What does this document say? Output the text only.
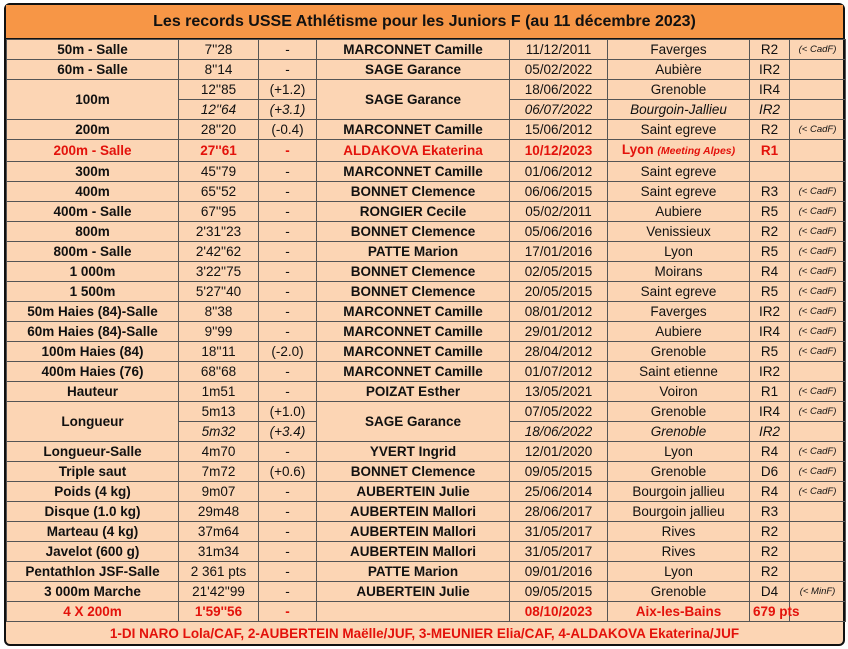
Les records USSE Athlétisme pour les Juniors F (au 11 décembre 2023)
50m - Salle	7''28	-	MARCONNET Camille	11/12/2011	Faverges	R2	(< CadF)
60m - Salle	8''14	-	SAGE Garance	05/02/2022	Aubière	IR2	
100m	12''85	(+1.2)	SAGE Garance	18/06/2022	Grenoble	IR4	
	12''64	(+3.1)		06/07/2022	Bourgoin-Jallieu	IR2	
200m	28''20	(-0.4)	MARCONNET Camille	15/06/2012	Saint egreve	R2	(< CadF)
200m - Salle	27''61	-	ALDAKOVA Ekaterina	10/12/2023	Lyon (Meeting Alpes)	R1	
300m	45''79	-	MARCONNET Camille	01/06/2012	Saint egreve		
400m	65''52	-	BONNET Clemence	06/06/2015	Saint egreve	R3	(< CadF)
400m - Salle	67''95	-	RONGIER Cecile	05/02/2011	Aubiere	R5	(< CadF)
800m	2'31''23	-	BONNET Clemence	05/06/2016	Venissieux	R2	(< CadF)
800m - Salle	2'42''62	-	PATTE Marion	17/01/2016	Lyon	R5	(< CadF)
1 000m	3'22''75	-	BONNET Clemence	02/05/2015	Moirans	R4	(< CadF)
1 500m	5'27''40	-	BONNET Clemence	20/05/2015	Saint egreve	R5	(< CadF)
50m Haies (84)-Salle	8''38	-	MARCONNET Camille	08/01/2012	Faverges	IR2	(< CadF)
60m Haies (84)-Salle	9''99	-	MARCONNET Camille	29/01/2012	Aubiere	IR4	(< CadF)
100m Haies (84)	18''11	(-2.0)	MARCONNET Camille	28/04/2012	Grenoble	R5	(< CadF)
400m Haies (76)	68''68	-	MARCONNET Camille	01/07/2012	Saint etienne	IR2	
Hauteur	1m51	-	POIZAT Esther	13/05/2021	Voiron	R1	(< CadF)
Longueur	5m13	(+1.0)	SAGE Garance	07/05/2022	Grenoble	IR4	(< CadF)
	5m32	(+3.4)		18/06/2022	Grenoble	IR2	
Longueur-Salle	4m70	-	YVERT Ingrid	12/01/2020	Lyon	R4	(< CadF)
Triple saut	7m72	(+0.6)	BONNET Clemence	09/05/2015	Grenoble	D6	(< CadF)
Poids (4 kg)	9m07	-	AUBERTEIN Julie	25/06/2014	Bourgoin jallieu	R4	(< CadF)
Disque (1.0 kg)	29m48	-	AUBERTEIN Mallori	28/06/2017	Bourgoin jallieu	R3	
Marteau (4 kg)	37m64	-	AUBERTEIN Mallori	31/05/2017	Rives	R2	
Javelot (600 g)	31m34	-	AUBERTEIN Mallori	31/05/2017	Rives	R2	
Pentathlon JSF-Salle	2 361 pts	-	PATTE Marion	09/01/2016	Lyon	R2	
3 000m Marche	21'42''99	-	AUBERTEIN Julie	09/05/2015	Grenoble	D4	(< MinF)
4 X 200m	1'59''56	-		08/10/2023	Aix-les-Bains	679 pts	
1-DI NARO Lola/CAF, 2-AUBERTEIN Maëlle/JUF, 3-MEUNIER Elia/CAF, 4-ALDAKOVA Ekaterina/JUF
